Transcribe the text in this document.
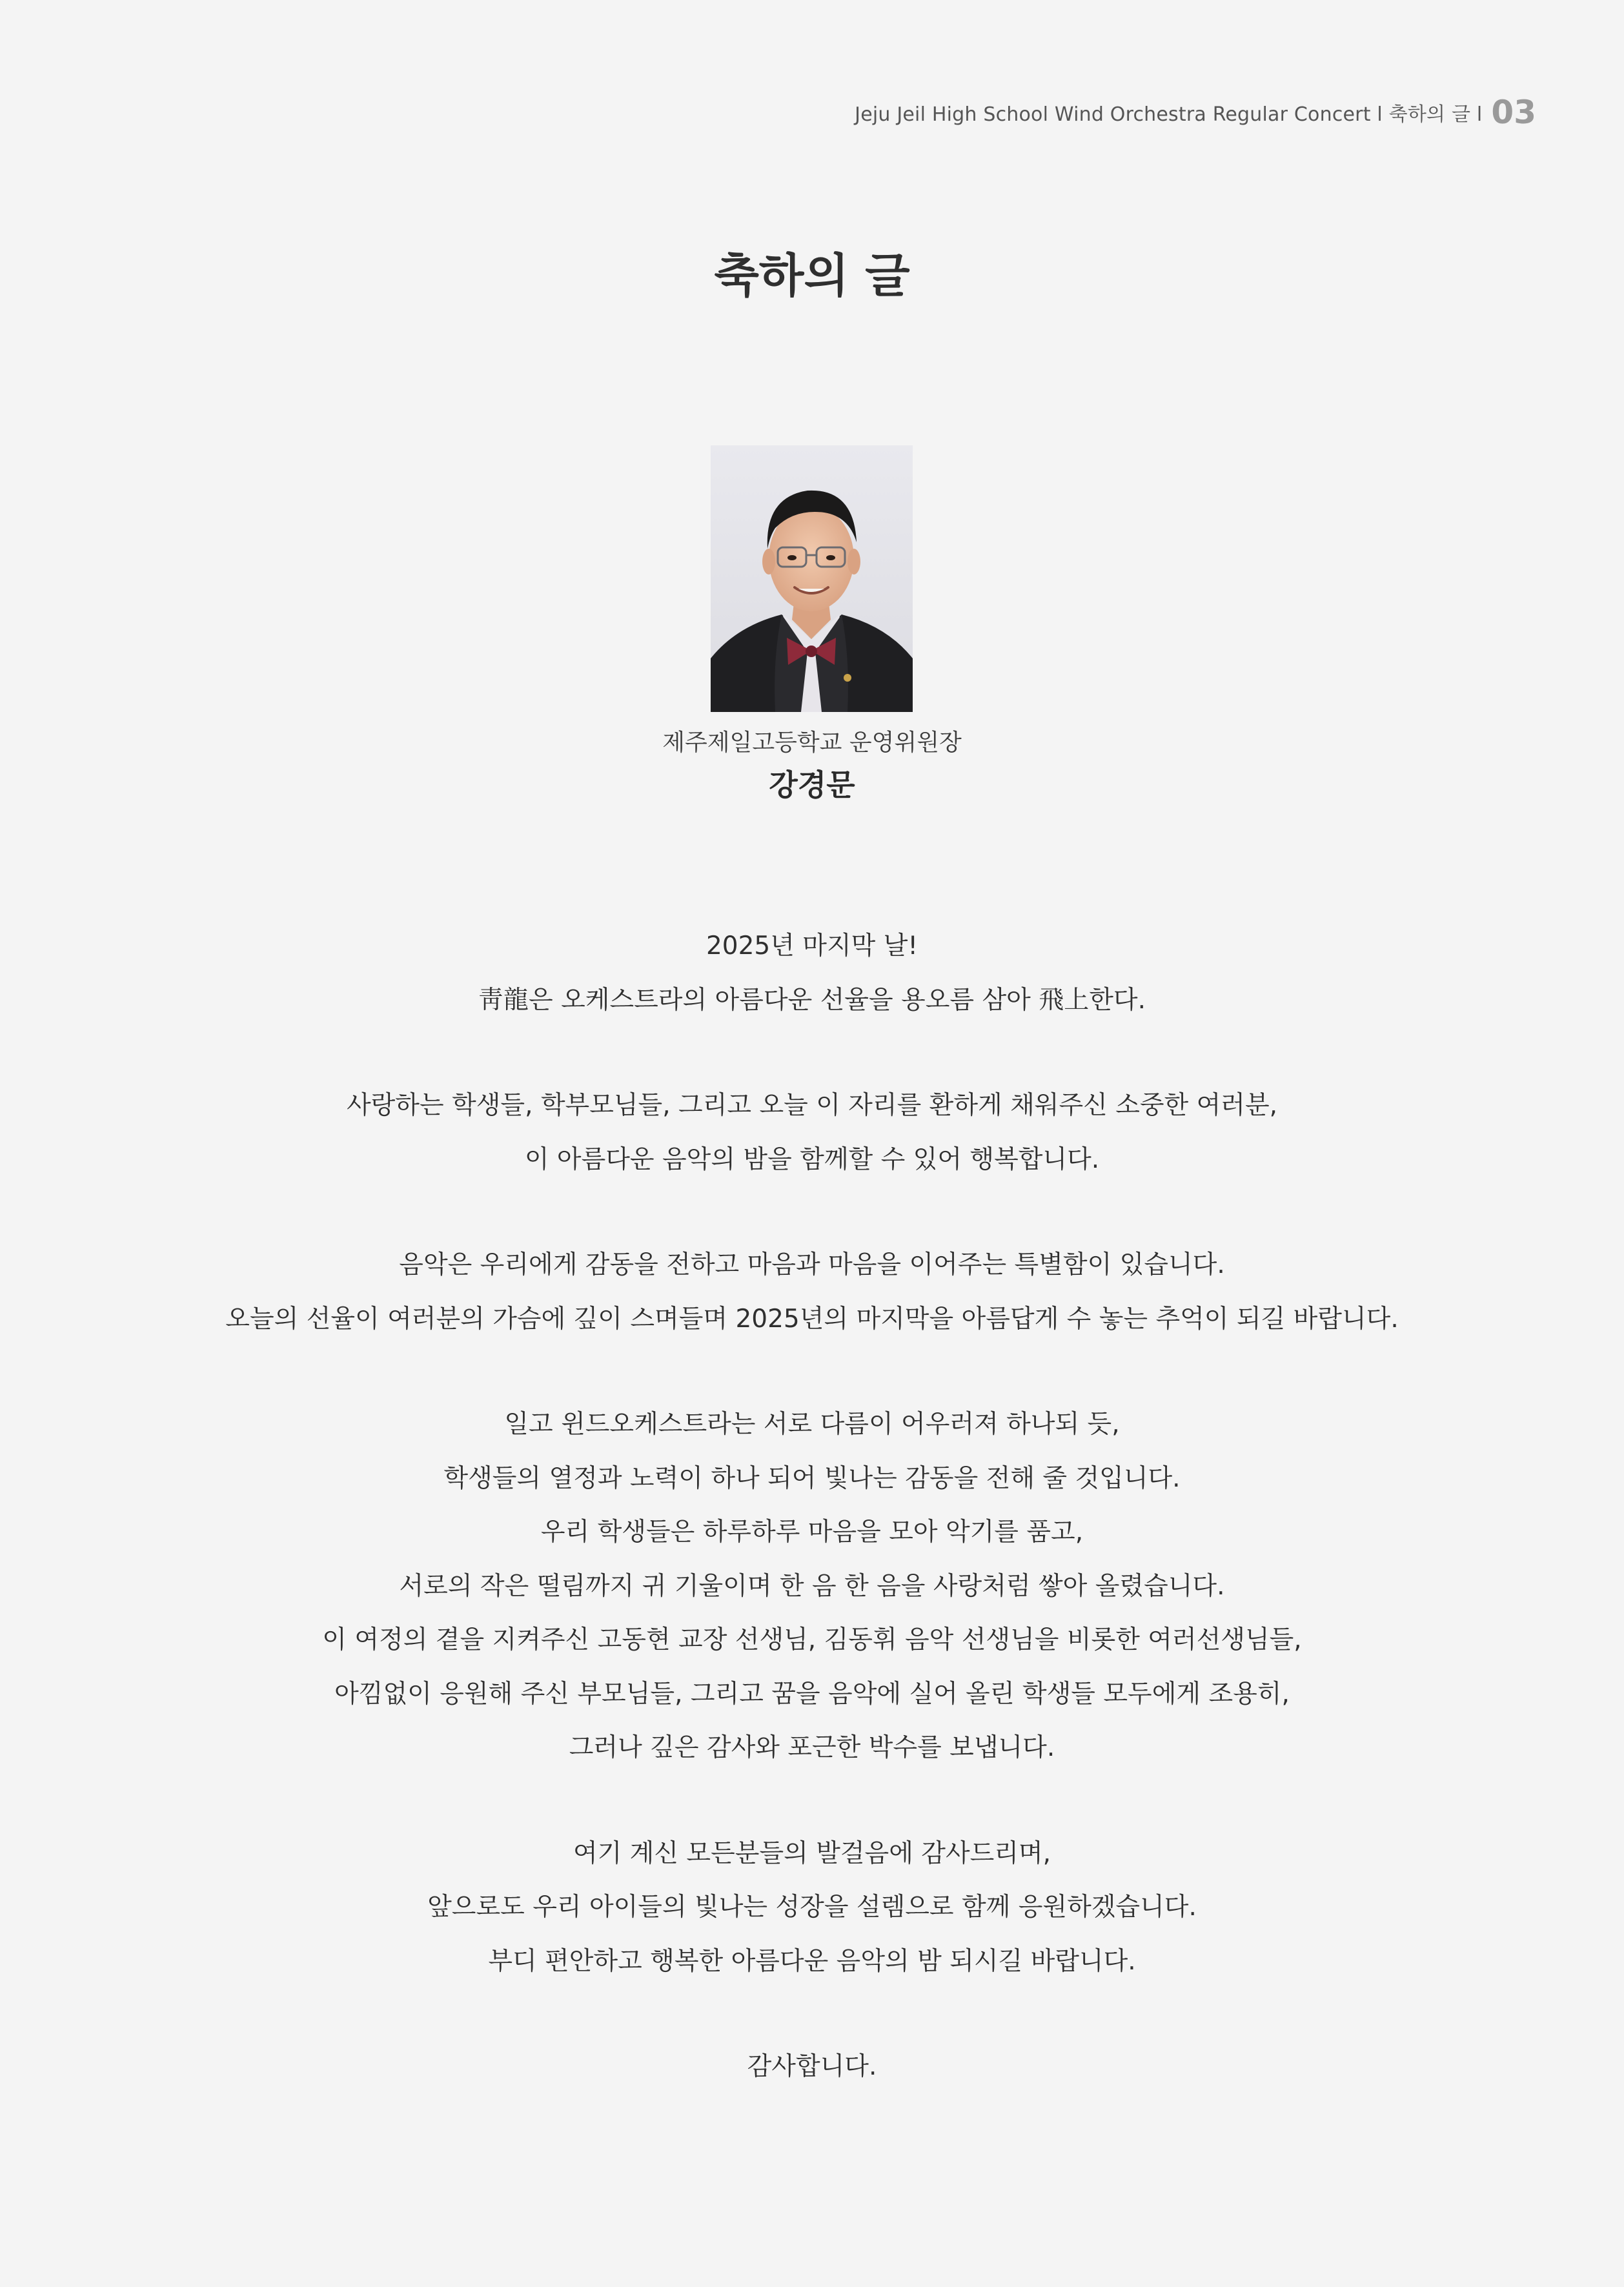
Jeju Jeil High School Wind Orchestra Regular Concert l 축하의 글 l 03
축하의 글
제주제일고등학교 운영위원장
강경문
2025년 마지막 날!
靑龍은 오케스트라의 아름다운 선율을 용오름 삼아 飛上한다.
사랑하는 학생들, 학부모님들, 그리고 오늘 이 자리를 환하게 채워주신 소중한 여러분,
이 아름다운 음악의 밤을 함께할 수 있어 행복합니다.
음악은 우리에게 감동을 전하고 마음과 마음을 이어주는 특별함이 있습니다.
오늘의 선율이 여러분의 가슴에 깊이 스며들며 2025년의 마지막을 아름답게 수 놓는 추억이 되길 바랍니다.
일고 윈드오케스트라는 서로 다름이 어우러져 하나되 듯,
학생들의 열정과 노력이 하나 되어 빛나는 감동을 전해 줄 것입니다.
우리 학생들은 하루하루 마음을 모아 악기를 품고,
서로의 작은 떨림까지 귀 기울이며 한 음 한 음을 사랑처럼 쌓아 올렸습니다.
이 여정의 곁을 지켜주신 고동현 교장 선생님, 김동휘 음악 선생님을 비롯한 여러선생님들,
아낌없이 응원해 주신 부모님들, 그리고 꿈을 음악에 실어 올린 학생들 모두에게 조용히,
그러나 깊은 감사와 포근한 박수를 보냅니다.
여기 계신 모든분들의 발걸음에 감사드리며,
앞으로도 우리 아이들의 빛나는 성장을 설렘으로 함께 응원하겠습니다.
부디 편안하고 행복한 아름다운 음악의 밤 되시길 바랍니다.
감사합니다.
